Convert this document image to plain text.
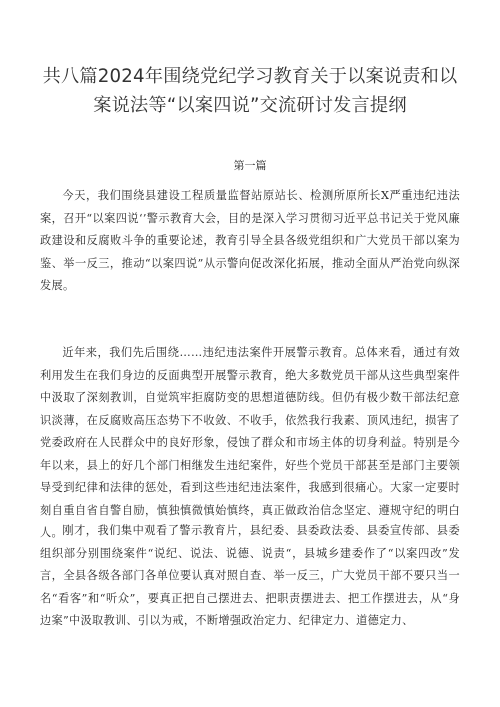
共八篇2024年围绕党纪学习教育关于以案说责和以案说法等“以案四说”交流研讨发言提纲
第一篇

今天，我们围绕县建设工程质量监督站原站长、检测所原所长X严重违纪违法案，召开“以案四说‘’警示教育大会，目的是深入学习贯彻习近平总书记关于党风廉政建设和反腐败斗争的重要论述，教育引导全县各级党组织和广大党员干部以案为鉴、举一反三，推动“以案四说”从示警向促改深化拓展，推动全面从严治党向纵深发展。

近年来，我们先后围绕……违纪违法案件开展警示教育。总体来看，通过有效利用发生在我们身边的反面典型开展警示教育，绝大多数党员干部从这些典型案件中汲取了深刻教训，自觉筑牢拒腐防变的思想道德防线。但仍有极少数干部法纪意识淡薄，在反腐败高压态势下不收敛、不收手，依然我行我素、顶风违纪，损害了党委政府在人民群众中的良好形象，侵蚀了群众和市场主体的切身利益。特别是今年以来，县上的好几个部门相继发生违纪案件，好些个党员干部甚至是部门主要领导受到纪律和法律的惩处，看到这些违纪违法案件，我感到很痛心。大家一定要时刻自重自省自警自励，慎独慎微慎始慎终，真正做政治信念坚定、遵规守纪的明白人。 刚才，我们集中观看了警示教育片，县纪委、县委政法委、县委宣传部、县委组织部分别围绕案件“说纪、说法、说德、说责“，县城乡建委作了“以案四改”发言，全县各级各部门各单位要认真对照自查、举一反三，广大党员干部不要只当一名“看客”和“听众”，要真正把自己摆进去、把职责摆进去、把工作摆进去，从“身边案”中汲取教训、引以为戒，不断增强政治定力、纪律定力、道德定力、
